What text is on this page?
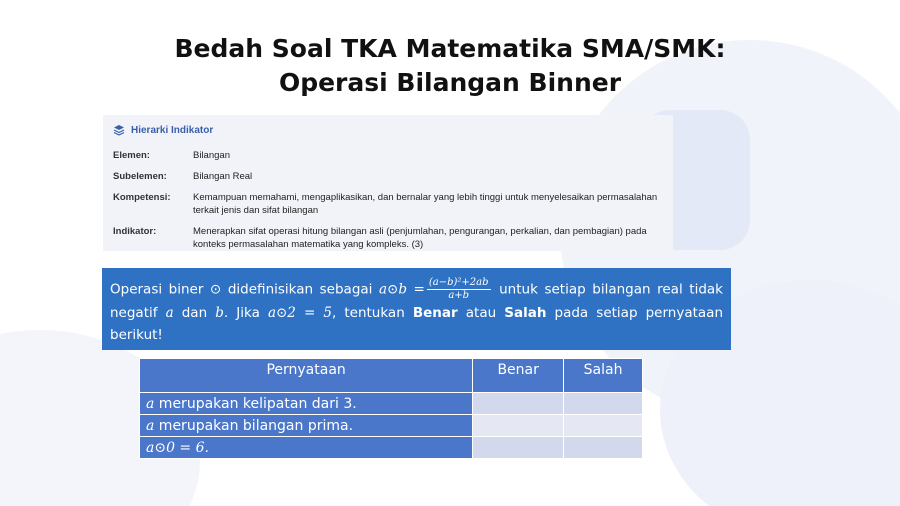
Bedah Soal TKA Matematika SMA/SMK:
Operasi Bilangan Binner
Hierarki Indikator
Elemen:	Bilangan
Subelemen:	Bilangan Real
Kompetensi:	Kemampuan memahami, mengaplikasikan, dan bernalar yang lebih tinggi untuk menyelesaikan permasalahan terkait jenis dan sifat bilangan
Indikator:	Menerapkan sifat operasi hitung bilangan asli (penjumlahan, pengurangan, perkalian, dan pembagian) pada konteks permasalahan matematika yang kompleks. (3)
Operasi biner ⊙ didefinisikan sebagai a⊙b = $\frac{\text{(a−b)²+2ab}}{a+b}$ untuk setiap bilangan real tidak negatif a dan b. Jika a⊙2 = 5, tentukan Benar atau Salah pada setiap pernyataan berikut!
Pernyataan	Benar	Salah
a merupakan kelipatan dari 3.		
a merupakan bilangan prima.		
a⊙0 = 6.		
